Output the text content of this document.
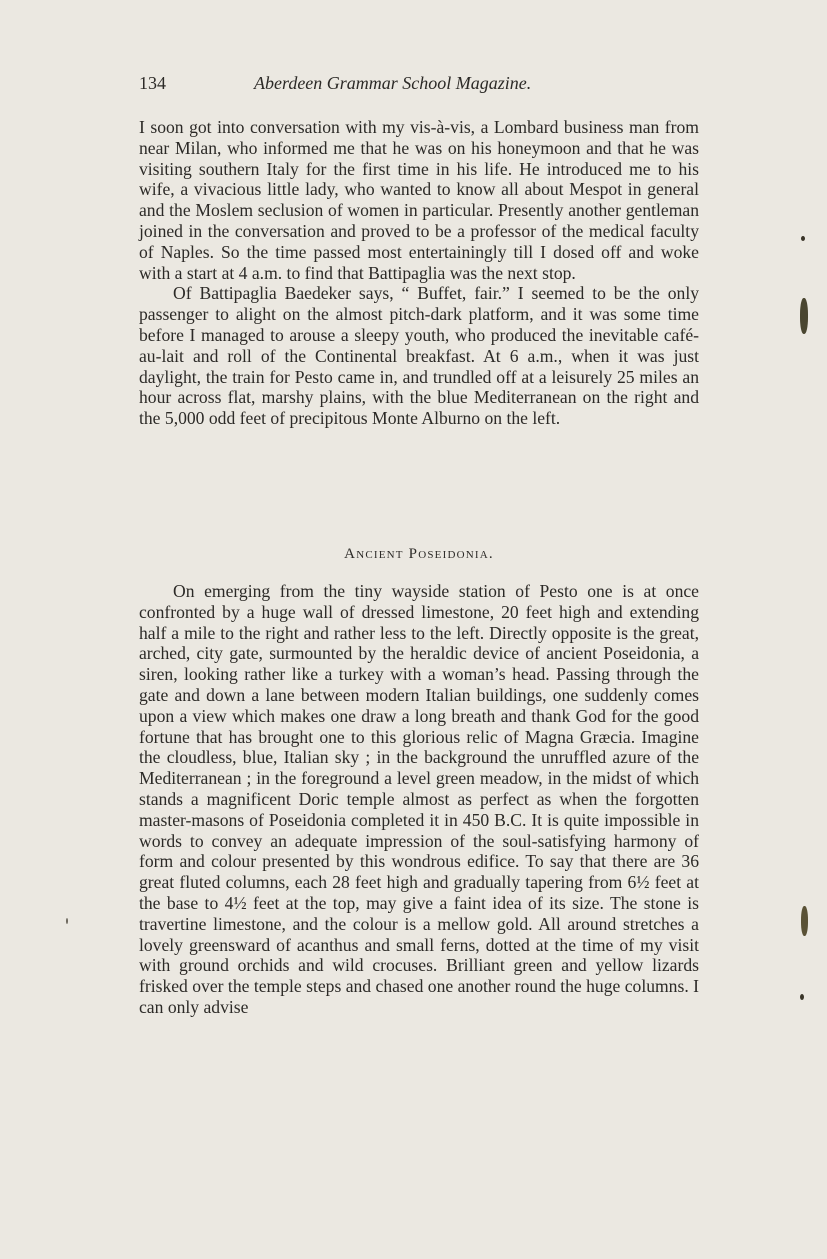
134	Aberdeen Grammar School Magazine.

I soon got into conversation with my vis-à-vis, a Lombard business man from near Milan, who informed me that he was on his honeymoon and that he was visiting southern Italy for the first time in his life. He introduced me to his wife, a vivacious little lady, who wanted to know all about Mespot in general and the Moslem seclusion of women in particular. Presently another gentleman joined in the conversation and proved to be a professor of the medical faculty of Naples. So the time passed most entertainingly till I dosed off and woke with a start at 4 a.m. to find that Battipaglia was the next stop.

Of Battipaglia Baedeker says, “ Buffet, fair.” I seemed to be the only passenger to alight on the almost pitch-dark platform, and it was some time before I managed to arouse a sleepy youth, who produced the inevitable café-au-lait and roll of the Continental breakfast. At 6 a.m., when it was just daylight, the train for Pesto came in, and trundled off at a leisurely 25 miles an hour across flat, marshy plains, with the blue Mediterranean on the right and the 5,000 odd feet of precipitous Monte Alburno on the left.

Ancient Poseidonia.

On emerging from the tiny wayside station of Pesto one is at once confronted by a huge wall of dressed limestone, 20 feet high and extending half a mile to the right and rather less to the left. Directly opposite is the great, arched, city gate, surmounted by the heraldic device of ancient Poseidonia, a siren, looking rather like a turkey with a woman’s head. Passing through the gate and down a lane between modern Italian buildings, one suddenly comes upon a view which makes one draw a long breath and thank God for the good fortune that has brought one to this glorious relic of Magna Græcia. Imagine the cloudless, blue, Italian sky ; in the background the unruffled azure of the Mediterranean ; in the foreground a level green meadow, in the midst of which stands a magnificent Doric temple almost as perfect as when the forgotten master-masons of Poseidonia completed it in 450 B.C. It is quite impossible in words to convey an adequate impression of the soul-satisfying harmony of form and colour presented by this wondrous edifice. To say that there are 36 great fluted columns, each 28 feet high and gradually tapering from 6½ feet at the base to 4½ feet at the top, may give a faint idea of its size. The stone is travertine limestone, and the colour is a mellow gold. All around stretches a lovely greensward of acanthus and small ferns, dotted at the time of my visit with ground orchids and wild crocuses. Brilliant green and yellow lizards frisked over the temple steps and chased one another round the huge columns. I can only advise
